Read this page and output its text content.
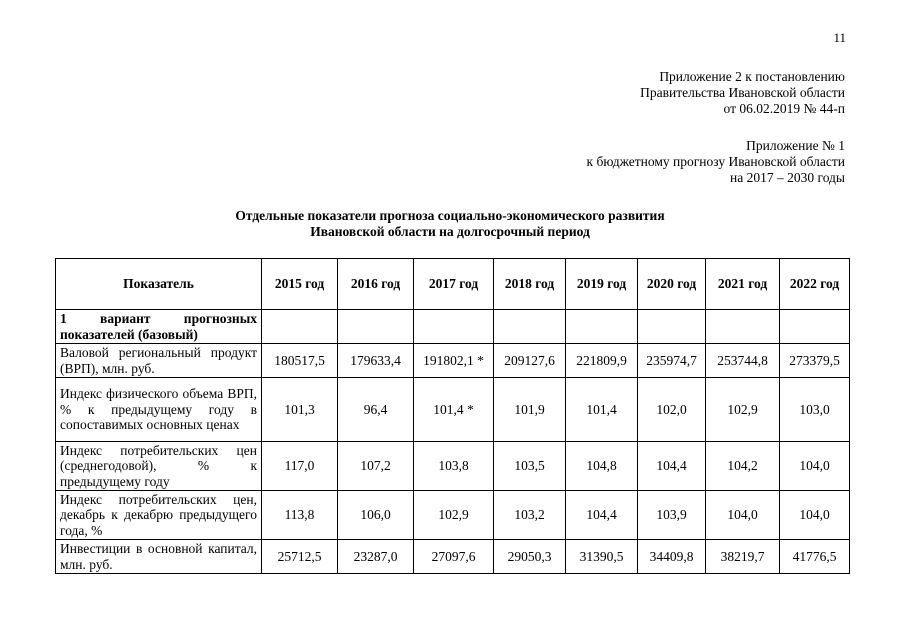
11
Приложение 2 к постановлению
Правительства Ивановской области
от 06.02.2019 № 44-п
Приложение № 1
к бюджетному прогнозу Ивановской области
на 2017 – 2030 годы
Отдельные показатели прогноза социально-экономического развития
Ивановской области на долгосрочный период
Показатель	2015 год	2016 год	2017 год	2018 год	2019 год	2020 год	2021 год	2022 год
1 вариант прогнозных показателей (базовый)								
Валовой региональный продукт (ВРП), млн. руб.	180517,5	179633,4	191802,1 *	209127,6	221809,9	235974,7	253744,8	273379,5
Индекс физического объема ВРП, % к предыдущему году в сопоставимых основных ценах	101,3	96,4	101,4 *	101,9	101,4	102,0	102,9	103,0
Индекс потребительских цен (среднегодовой), % к предыдущему году	117,0	107,2	103,8	103,5	104,8	104,4	104,2	104,0
Индекс потребительских цен, декабрь к декабрю предыдущего года, %	113,8	106,0	102,9	103,2	104,4	103,9	104,0	104,0
Инвестиции в основной капитал, млн. руб.	25712,5	23287,0	27097,6	29050,3	31390,5	34409,8	38219,7	41776,5
